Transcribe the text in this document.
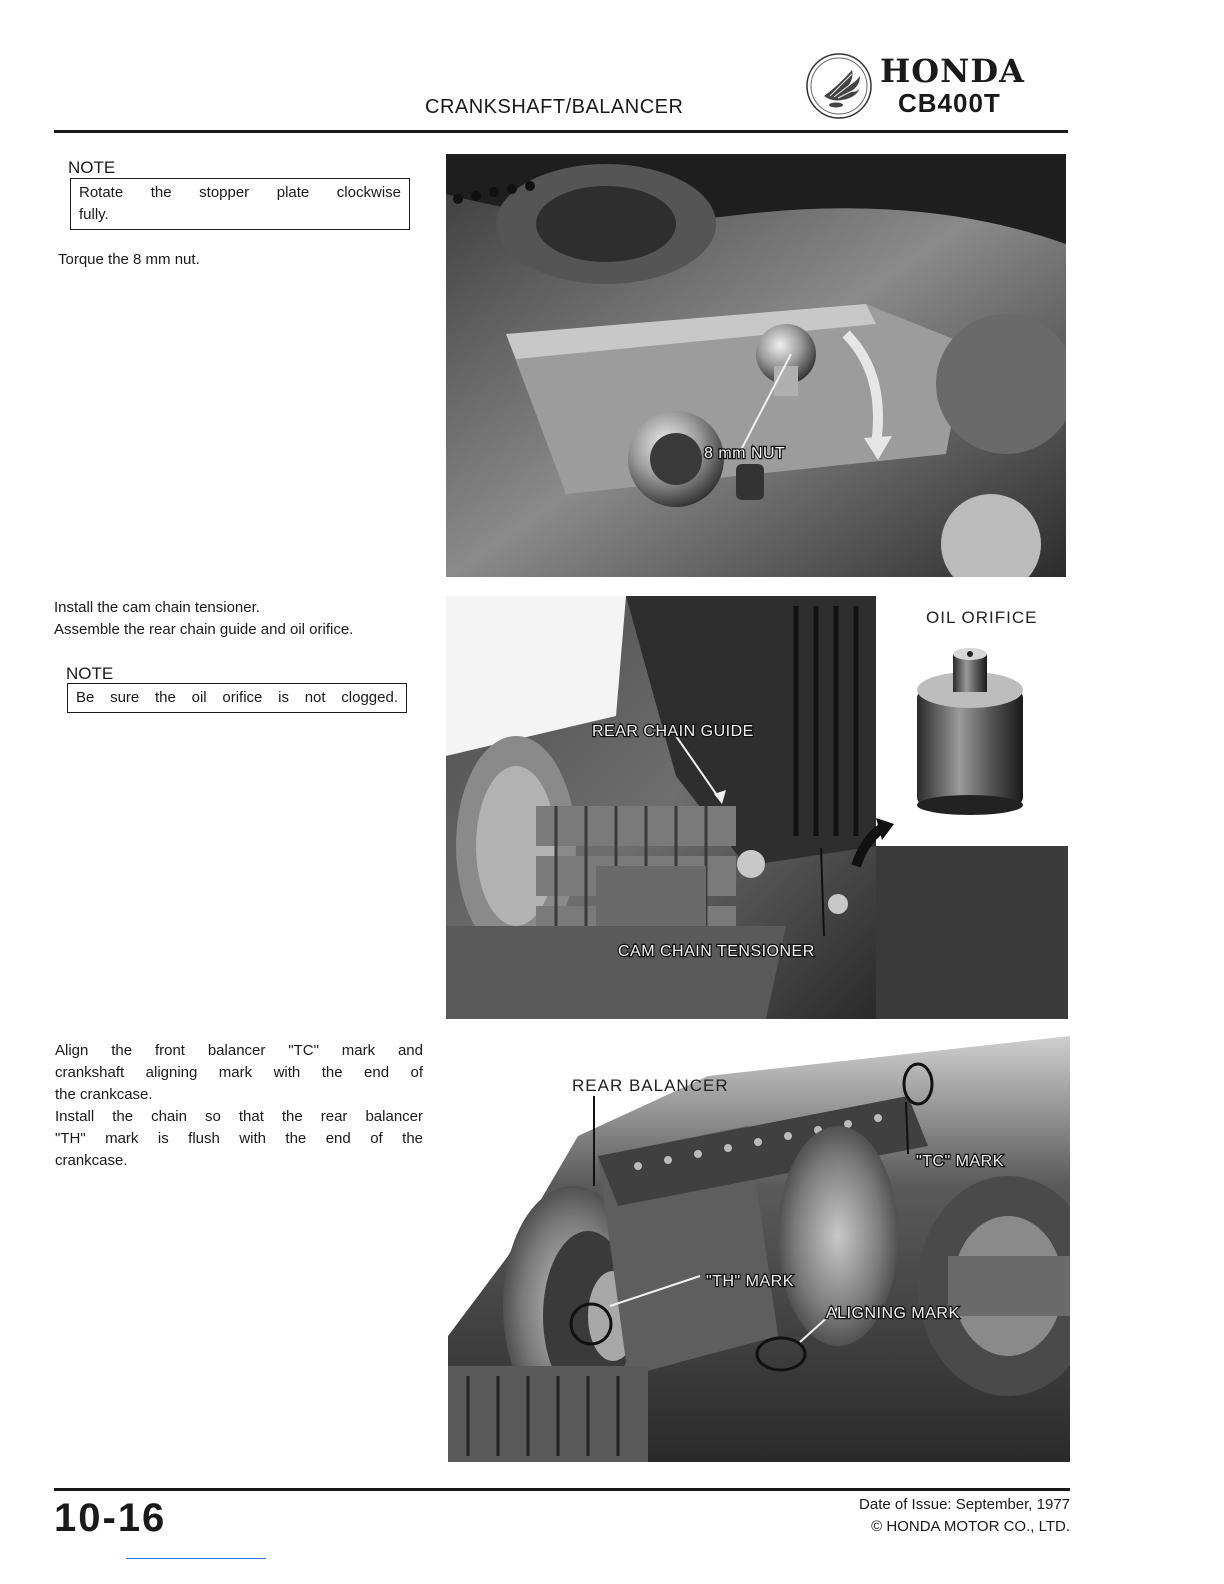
CRANKSHAFT/BALANCER
HONDA
CB400T
NOTE

Rotate the stopper plate clockwise

fully.

Torque the 8 mm nut.
8 mm NUT
Install the cam chain tensioner.
Assemble the rear chain guide and oil orifice.
NOTE

Be sure the oil orifice is not clogged.

REAR CHAIN GUIDE
CAM CHAIN TENSIONER
OIL ORIFICE

Align the front balancer "TC" mark and

crankshaft aligning mark with the end of

the crankcase.

Install the chain so that the rear balancer

"TH" mark is flush with the end of the

crankcase.	"TC" MARK
"TH" MARK
ALIGNING MARK
REAR BALANCER
10-16	Date of Issue: September, 1977
© HONDA MOTOR CO., LTD.
